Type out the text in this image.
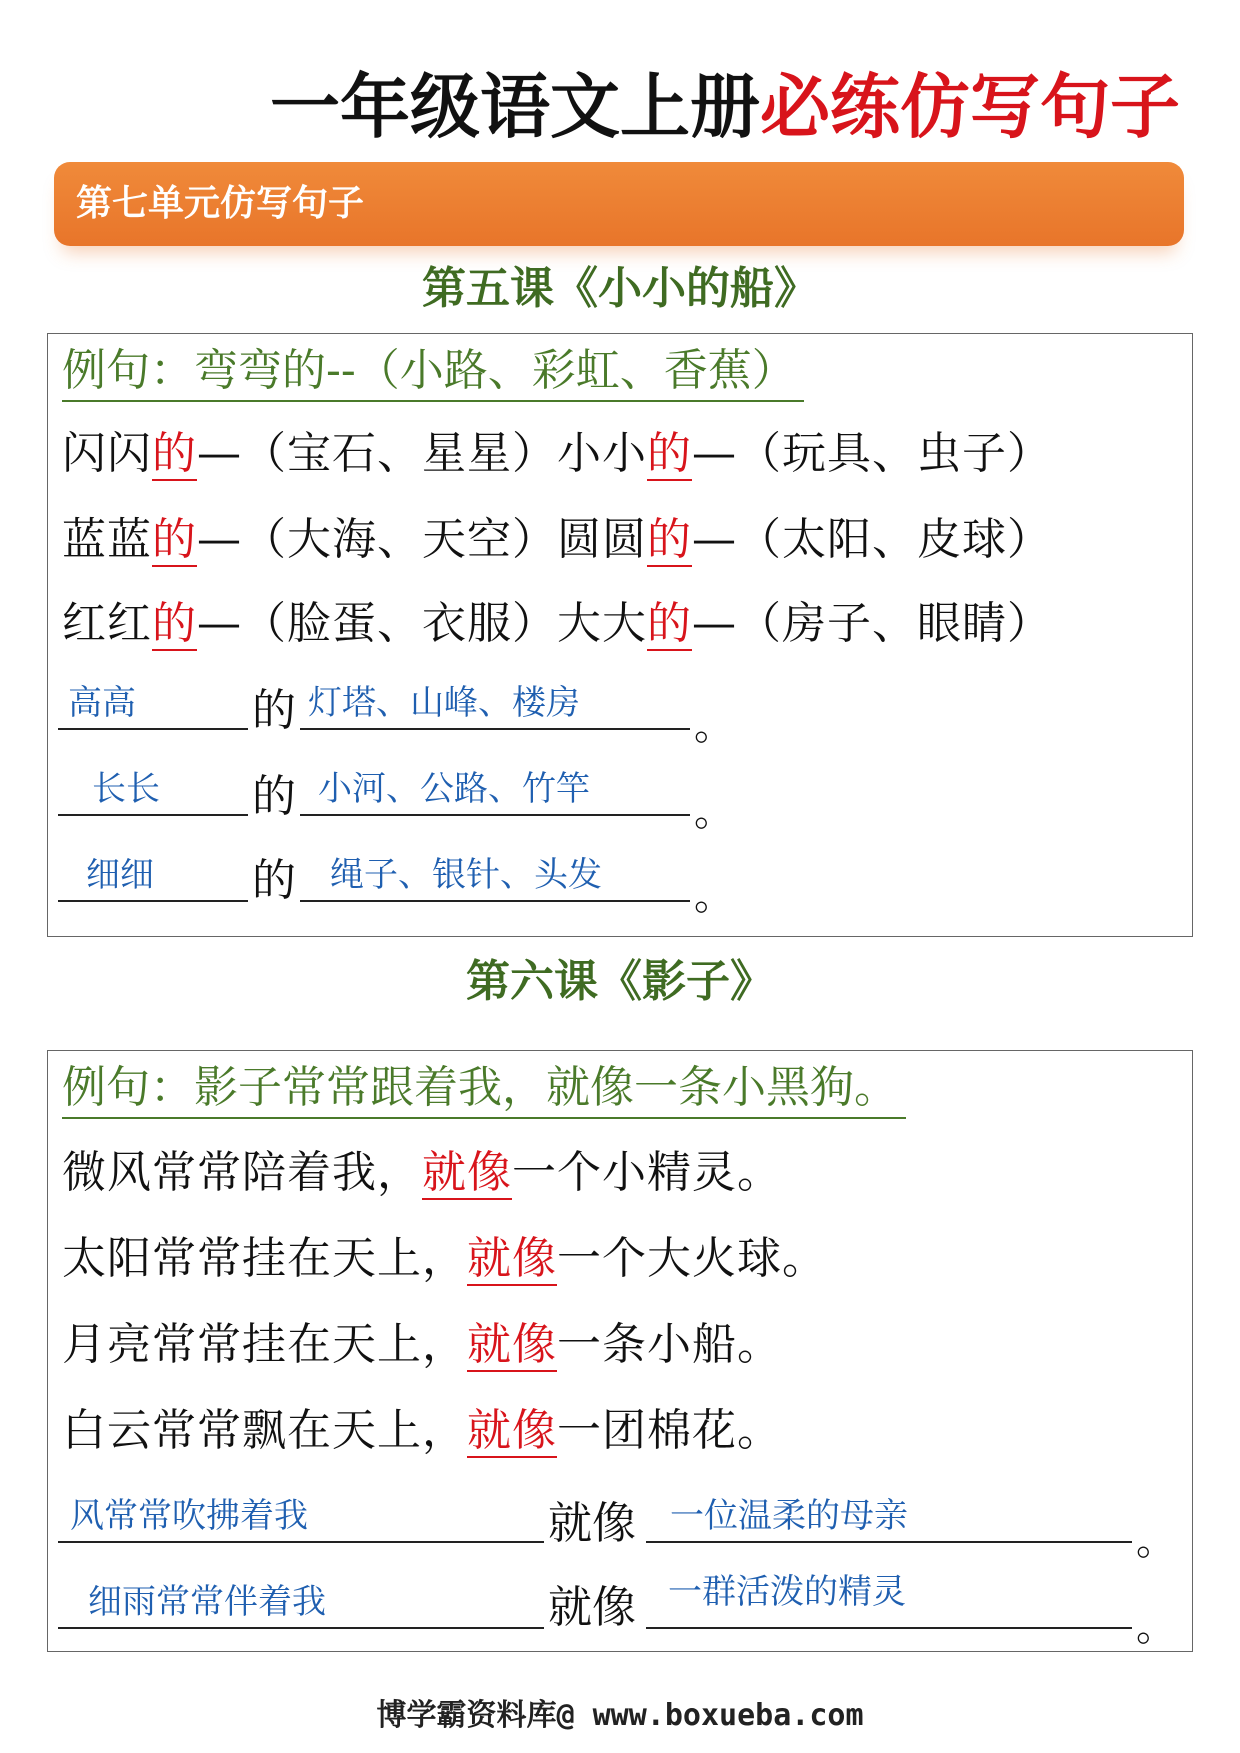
一年级语文上册必练仿写句子
第七单元仿写句子
第五课《小小的船》
例句：弯弯的--（小路、彩虹、香蕉）
闪闪的—（宝石、星星）小小的—（玩具、虫子）
蓝蓝的—（大海、天空）圆圆的—（太阳、皮球）
红红的—（脸蛋、衣服）大大的—（房子、眼睛）
高高	的 灯塔、山峰、楼房	。
长长 的 小河、公路、竹竿	。
细细 的 绳子、银针、头发 。
第六课《影子》
例句：影子常常跟着我，就像一条小黑狗。
微风常常陪着我，就像一个小精灵。
太阳常常挂在天上，就像一个大火球。
月亮常常挂在天上，就像一条小船。
白云常常飘在天上，就像一团棉花。
风常常吹拂着我	就像 一位温柔的母亲
。
细雨常常伴着我	就像 一群活泼的精灵
。
博学霸资料库@ www.boxueba.com
